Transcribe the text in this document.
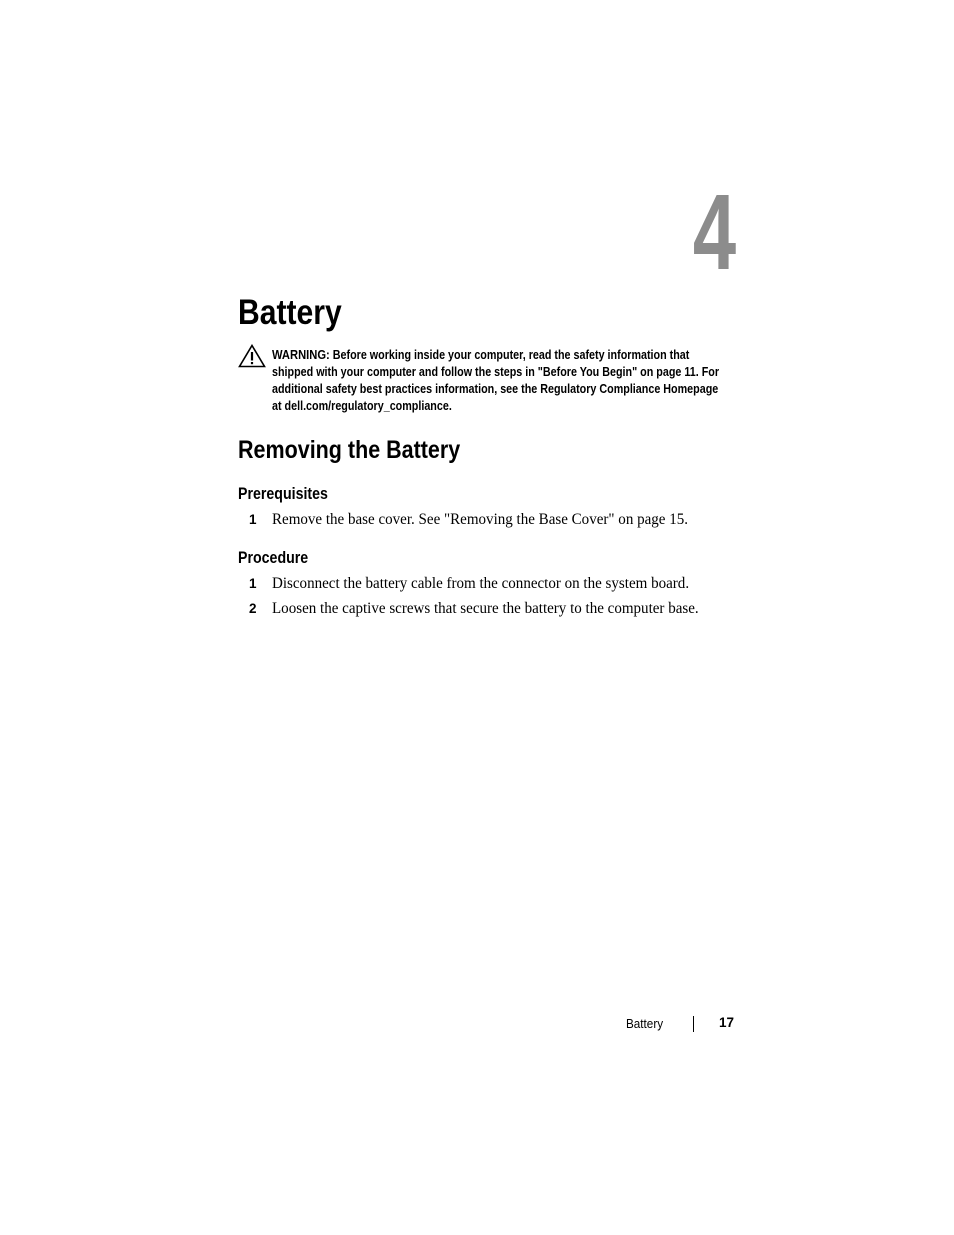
4
Battery
WARNING: Before working inside your computer, read the safety information that shipped with your computer and follow the steps in "Before You Begin" on page 11. For additional safety best practices information, see the Regulatory Compliance Homepage at dell.com/regulatory_compliance.
Removing the Battery
Prerequisites
1 Remove the base cover. See "Removing the Base Cover" on page 15.
Procedure
1 Disconnect the battery cable from the connector on the system board.
2 Loosen the captive screws that secure the battery to the computer base.
Battery	17
